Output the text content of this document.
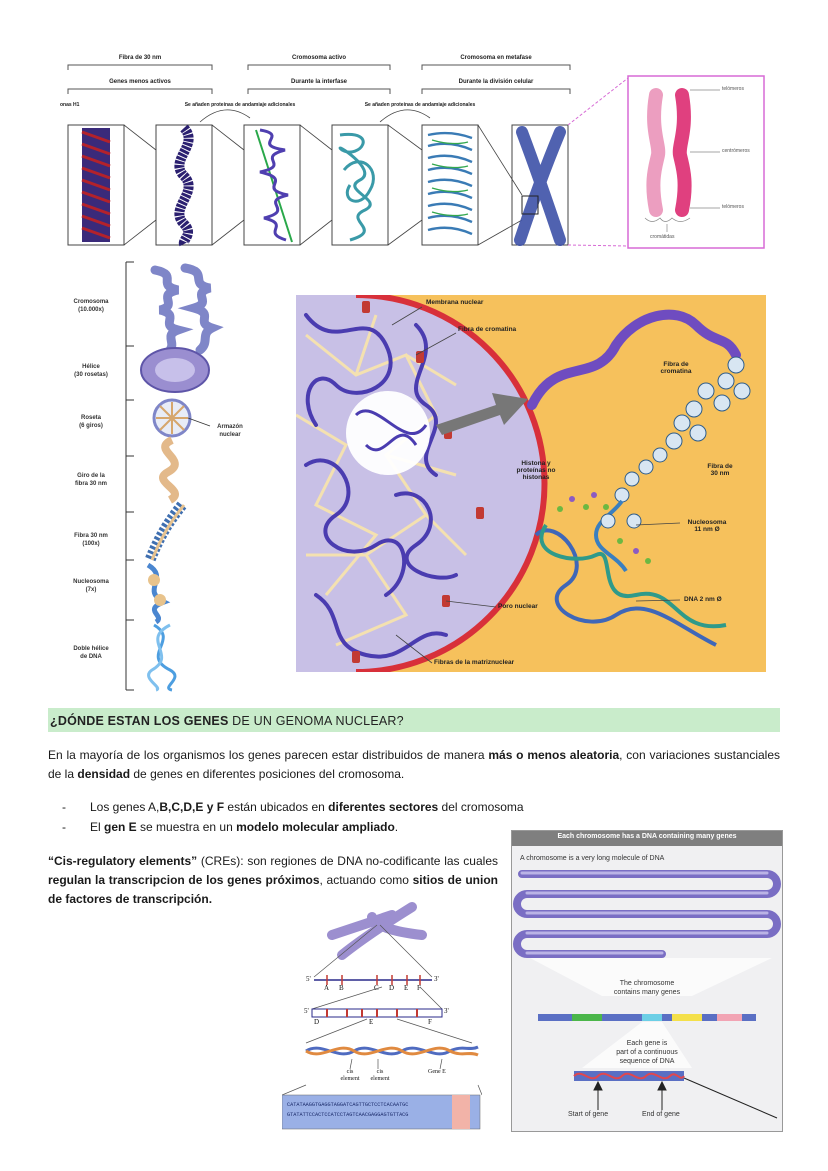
Fibra de 30 nm	Cromosoma activo	Cromosoma en metafase
Genes menos activos	Durante la interfase	Durante la división celular
onas H1	Se añaden proteínas de andamiaje adicionales	Se añaden proteínas de andamiaje adicionales
telómeros
centrómeros
telómeros
cromátidas
Cromosoma
(10.000x)
Hélice
(30 rosetas)
Roseta
(6 giros)
Giro de la
fibra 30 nm
Fibra 30 nm
(100x)
Nucleosoma
(7x)
Doble hélice
de DNA
Armazón
nuclear
Membrana nuclear
Fibra de cromatina
Fibra de
cromatina
Histona y
proteínas no
histonas
Fibra de
30 nm
Nucleosoma
11 nm Ø
DNA 2 nm Ø
Poro nuclear
Fibras de la matriznuclear
¿DÓNDE ESTAN LOS GENES DE UN GENOMA NUCLEAR?
En la mayoría de los organismos los genes parecen estar distribuidos de manera más o menos aleatoria, con variaciones sustanciales de la densidad de genes en diferentes posiciones del cromosoma.
- Los genes A,B,C,D,E y F están ubicados en diferentes sectores del cromosoma
- El gen E se muestra en un modelo molecular ampliado.
“Cis-regulatory elements” (CREs): son regiones de DNA no-codificante las cuales regulan la transcripcion de los genes próximos, actuando como sitios de union de factores de transcripción.
5'	3'
A B	C D E F
5'	3'
D	E	F
cis
element
cis
element
Gene E
CATATAAGGTGAGGTAGGATCAGTTGCTCCTCACAATGC
GTATATTCCACTCCATCCTAGTCAACGAGGAGTGTTACG
Each chromosome has a DNA containing many genes
A chromosome is a very long molecule of DNA
The chromosome
contains many genes
Each gene is
part of a continuous
sequence of DNA
Start of gene	End of gene
